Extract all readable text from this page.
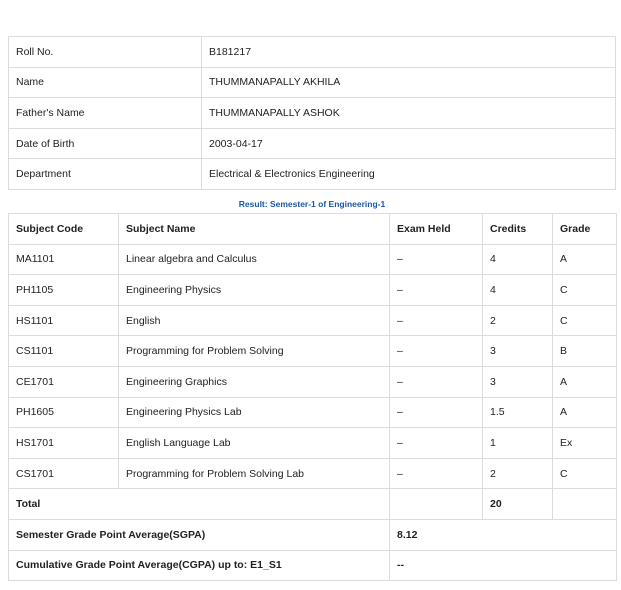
Roll No.	B181217
Name	THUMMANAPALLY AKHILA
Father's Name	THUMMANAPALLY ASHOK
Date of Birth	2003-04-17
Department	Electrical & Electronics Engineering
Result: Semester-1 of Engineering-1
Subject Code	Subject Name	Exam Held	Credits	Grade
MA1101	Linear algebra and Calculus	–	4	A
PH1105	Engineering Physics	–	4	C
HS1101	English	–	2	C
CS1101	Programming for Problem Solving	–	3	B
CE1701	Engineering Graphics	–	3	A
PH1605	Engineering Physics Lab	–	1.5	A
HS1701	English Language Lab	–	1	Ex
CS1701	Programming for Problem Solving Lab	–	2	C
Total			20	
Semester Grade Point Average(SGPA)		8.12		
Cumulative Grade Point Average(CGPA) up to: E1_S1		--		
